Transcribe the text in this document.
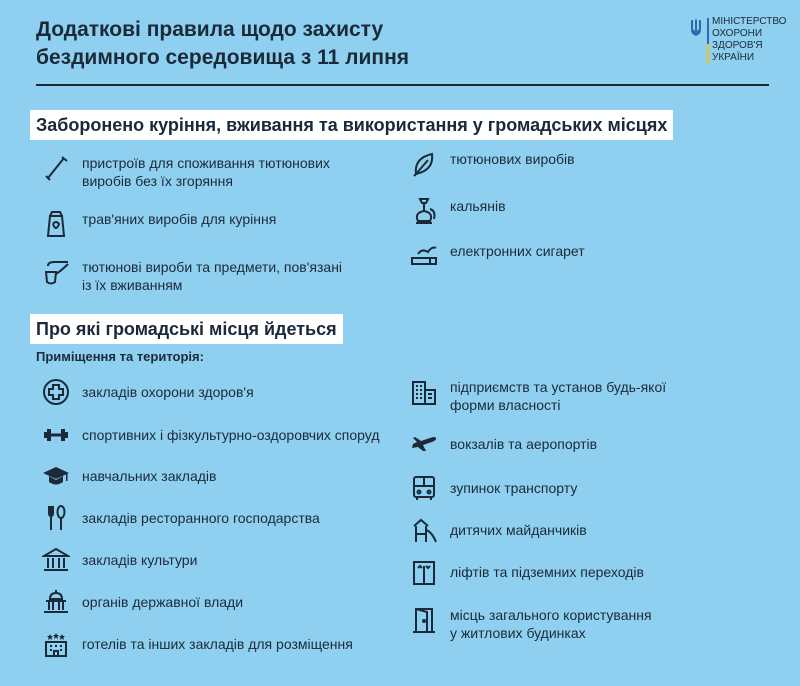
Додаткові правила щодо захисту
бездимного середовища з 11 липня
МІНІСТЕРСТВО
ОХОРОНИ
ЗДОРОВ'Я
УКРАЇНИ
Заборонено куріння, вживання та використання у громадських місцях
пристроїв для споживання тютюнових
виробів без їх згоряння
трав'яних виробів для куріння
тютюнові вироби та предмети, пов'язані
із їх вживанням
тютюнових виробів
кальянів
електронних сигарет
Про які громадські місця йдеться
Приміщення та територія:
закладів охорони здоров'я
спортивних і фізкультурно-оздоровчих споруд
навчальних закладів
закладів ресторанного господарства
закладів культури
органів державної влади
готелів та інших закладів для розміщення
підприємств та установ будь-якої
форми власності
вокзалів та аеропортів
зупинок транспорту
дитячих майданчиків
ліфтів та підземних переходів
місць загального користування
у житлових будинках
